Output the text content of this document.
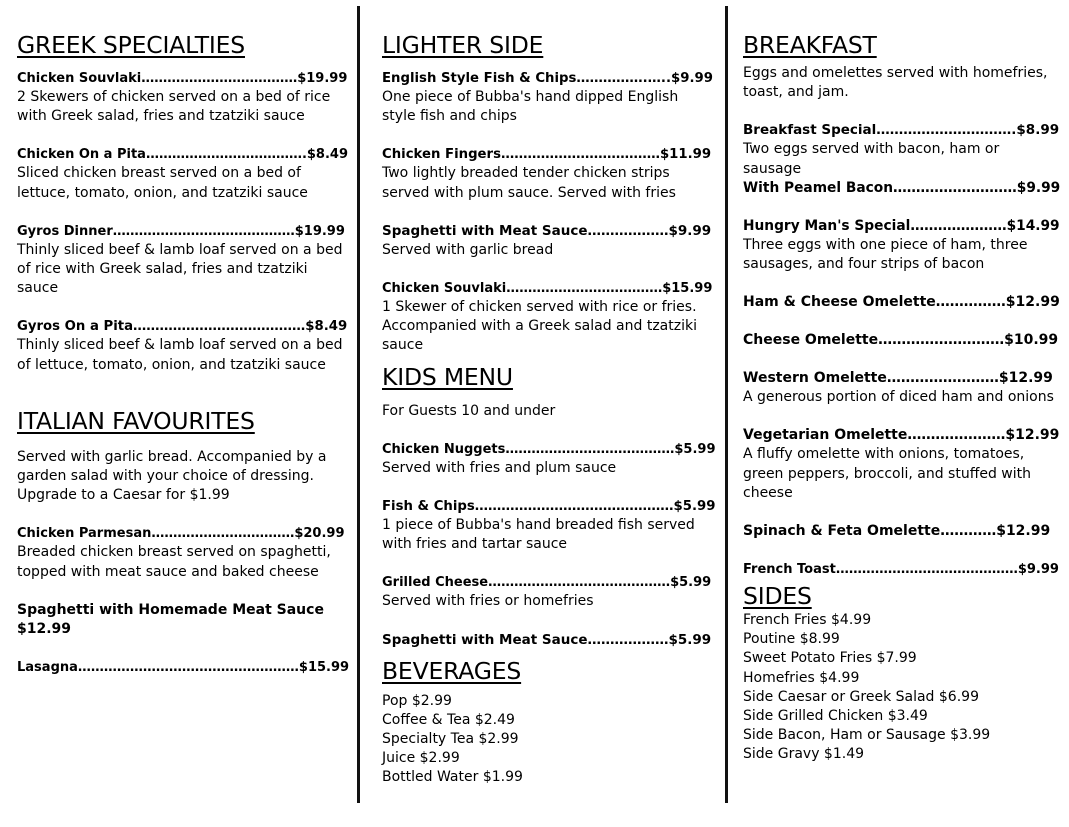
GREEK SPECIALTIES
Chicken Souvlaki………………………………$19.99
2 Skewers of chicken served on a bed of rice with Greek salad, fries and tzatziki sauce
Chicken On a Pita……………………………….$8.49
Sliced chicken breast served on a bed of lettuce, tomato, onion, and tzatziki sauce
Gyros Dinner……………………………………$19.99
Thinly sliced beef & lamb loaf served on a bed of rice with Greek salad, fries and tzatziki sauce
Gyros On a Pita…………………………………$8.49
Thinly sliced beef & lamb loaf served on a bed of lettuce, tomato, onion, and tzatziki sauce
ITALIAN FAVOURITES
Served with garlic bread. Accompanied by a garden salad with your choice of dressing. Upgrade to a Caesar for $1.99
Chicken Parmesan……………………………$20.99
Breaded chicken breast served on spaghetti, topped with meat sauce and baked cheese
Spaghetti with Homemade Meat Sauce
$12.99
Lasagna……………………………………………$15.99
LIGHTER SIDE
English Style Fish & Chips…………….…..$9.99
One piece of Bubba's hand dipped English style fish and chips
Chicken Fingers………………………………$11.99
Two lightly breaded tender chicken strips served with plum sauce. Served with fries
Spaghetti with Meat Sauce………………$9.99
Served with garlic bread
Chicken Souvlaki………………………………$15.99
1 Skewer of chicken served with rice or fries. Accompanied with a Greek salad and tzatziki sauce
KIDS MENU
For Guests 10 and under
Chicken Nuggets…………………………………$5.99
Served with fries and plum sauce
Fish & Chips………………………………………$5.99
1 piece of Bubba's hand breaded fish served with fries and tartar sauce
Grilled Cheese……………………………………$5.99
Served with fries or homefries
Spaghetti with Meat Sauce………………$5.99
BEVERAGES
Pop $2.99
Coffee & Tea $2.49
Specialty Tea $2.99
Juice $2.99
Bottled Water $1.99
BREAKFAST
Eggs and omelettes served with homefries, toast, and jam.
Breakfast Special………………………….$8.99
Two eggs served with bacon, ham or sausage
With Peamel Bacon………………………$9.99
Hungry Man's Special…………………$14.99
Three eggs with one piece of ham, three sausages, and four strips of bacon
Ham & Cheese Omelette……………$12.99
Cheese Omelette………………………$10.99
Western Omelette……………………$12.99
A generous portion of diced ham and onions
Vegetarian Omelette…………………$12.99
A fluffy omelette with onions, tomatoes, green peppers, broccoli, and stuffed with cheese
Spinach & Feta Omelette…………$12.99
French Toast……………………………………$9.99
SIDES
French Fries $4.99
Poutine $8.99
Sweet Potato Fries $7.99
Homefries $4.99
Side Caesar or Greek Salad $6.99
Side Grilled Chicken $3.49
Side Bacon, Ham or Sausage $3.99
Side Gravy $1.49
